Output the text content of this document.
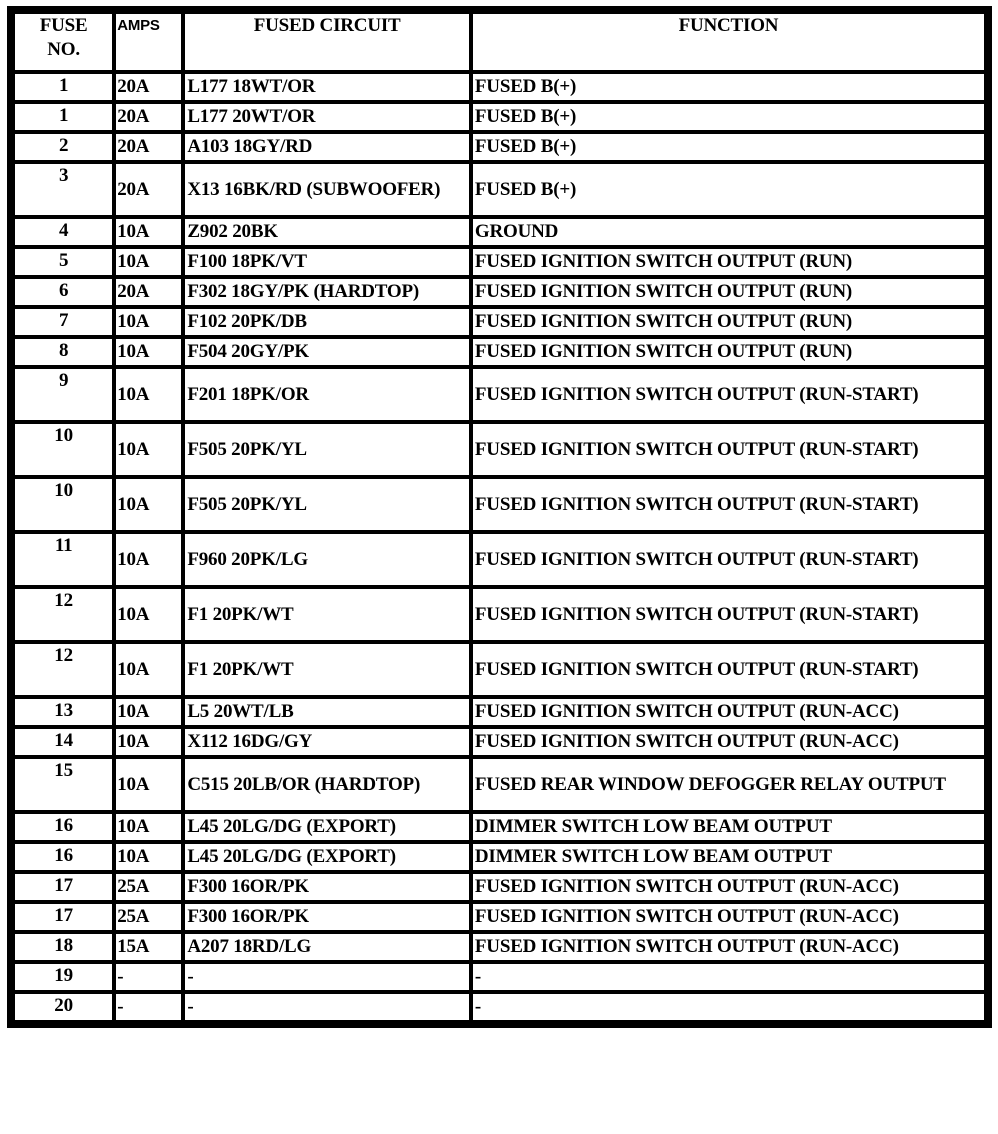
FUSE
NO.	AMPS	FUSED CIRCUIT	FUNCTION
1	20A	L177 18WT/OR	FUSED B(+)
1	20A	L177 20WT/OR	FUSED B(+)
2	20A	A103 18GY/RD	FUSED B(+)
3	20A	X13 16BK/RD (SUBWOOFER)	FUSED B(+)
4	10A	Z902 20BK	GROUND
5	10A	F100 18PK/VT	FUSED IGNITION SWITCH OUTPUT (RUN)
6	20A	F302 18GY/PK (HARDTOP)	FUSED IGNITION SWITCH OUTPUT (RUN)
7	10A	F102 20PK/DB	FUSED IGNITION SWITCH OUTPUT (RUN)
8	10A	F504 20GY/PK	FUSED IGNITION SWITCH OUTPUT (RUN)
9	10A	F201 18PK/OR	FUSED IGNITION SWITCH OUTPUT (RUN-START)
10	10A	F505 20PK/YL	FUSED IGNITION SWITCH OUTPUT (RUN-START)
10	10A	F505 20PK/YL	FUSED IGNITION SWITCH OUTPUT (RUN-START)
11	10A	F960 20PK/LG	FUSED IGNITION SWITCH OUTPUT (RUN-START)
12	10A	F1 20PK/WT	FUSED IGNITION SWITCH OUTPUT (RUN-START)
12	10A	F1 20PK/WT	FUSED IGNITION SWITCH OUTPUT (RUN-START)
13	10A	L5 20WT/LB	FUSED IGNITION SWITCH OUTPUT (RUN-ACC)
14	10A	X112 16DG/GY	FUSED IGNITION SWITCH OUTPUT (RUN-ACC)
15	10A	C515 20LB/OR (HARDTOP)	FUSED REAR WINDOW DEFOGGER RELAY OUTPUT
16	10A	L45 20LG/DG (EXPORT)	DIMMER SWITCH LOW BEAM OUTPUT
16	10A	L45 20LG/DG (EXPORT)	DIMMER SWITCH LOW BEAM OUTPUT
17	25A	F300 16OR/PK	FUSED IGNITION SWITCH OUTPUT (RUN-ACC)
17	25A	F300 16OR/PK	FUSED IGNITION SWITCH OUTPUT (RUN-ACC)
18	15A	A207 18RD/LG	FUSED IGNITION SWITCH OUTPUT (RUN-ACC)
19	-	-	-
20	-	-	-
